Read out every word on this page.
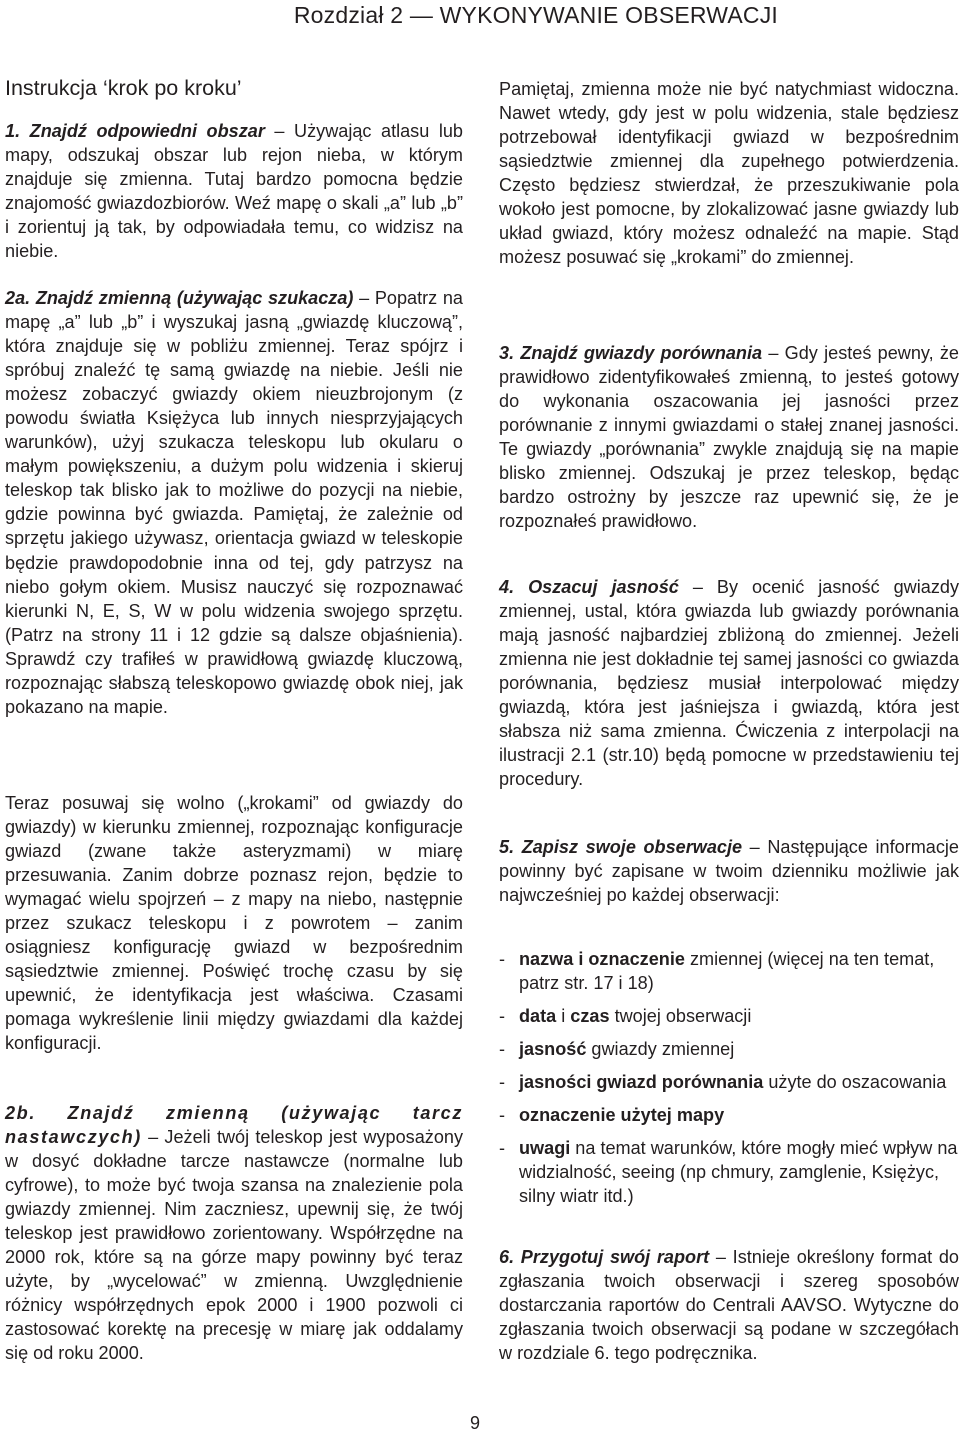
Rozdział 2 — WYKONYWANIE OBSERWACJI
Instrukcja ‘krok po kroku’

1. Znajdź odpowiedni obszar – Używając atlasu lub mapy, odszukaj obszar lub rejon nieba, w którym znajduje się zmienna. Tutaj bardzo pomocna będzie znajomość gwiazdozbiorów. Weź mapę o skali „a” lub „b” i zorientuj ją tak, by odpowiadała temu, co widzisz na niebie.

2a. Znajdź zmienną (używając szukacza) – Popatrz na mapę „a” lub „b” i wyszukaj jasną „gwiazdę kluczową”, która znajduje się w pobliżu zmiennej. Teraz spójrz i spróbuj znaleźć tę samą gwiazdę na niebie. Jeśli nie możesz zobaczyć gwiazdy okiem nieuzbrojonym (z powodu światła Księżyca lub innych niesprzyjających warunków), użyj szukacza teleskopu lub okularu o małym powiększeniu, a dużym polu widzenia i skieruj teleskop tak blisko jak to możliwe do pozycji na niebie, gdzie powinna być gwiazda. Pamiętaj, że zależnie od sprzętu jakiego używasz, orientacja gwiazd w teleskopie będzie prawdopodobnie inna od tej, gdy patrzysz na niebo gołym okiem. Musisz nauczyć się rozpoznawać kierunki N, E, S, W w polu widzenia swojego sprzętu. (Patrz na strony 11 i 12 gdzie są dalsze objaśnienia). Sprawdź czy trafiłeś w prawidłową gwiazdę kluczową, rozpoznając słabszą teleskopowo gwiazdę obok niej, jak pokazano na mapie.

Teraz posuwaj się wolno („krokami” od gwiazdy do gwiazdy) w kierunku zmiennej, rozpoznając konfiguracje gwiazd (zwane także asteryzmami) w miarę przesuwania. Zanim dobrze poznasz rejon, będzie to wymagać wielu spojrzeń – z mapy na niebo, następnie przez szukacz teleskopu i z powrotem – zanim osiągniesz konfigurację gwiazd w bezpośrednim sąsiedztwie zmiennej. Poświęć trochę czasu by się upewnić, że identyfikacja jest właściwa. Czasami pomaga wykreślenie linii między gwiazdami dla każdej konfiguracji.

2b. Znajdź zmienną (używając tarcz nastawczych) – Jeżeli twój teleskop jest wyposażony w dosyć dokładne tarcze nastawcze (normalne lub cyfrowe), to może być twoja szansa na znalezienie pola gwiazdy zmiennej. Nim zaczniesz, upewnij się, że twój teleskop jest prawidłowo zorientowany. Współrzędne na 2000 rok, które są na górze mapy powinny być teraz użyte, by „wycelować” w zmienną. Uwzględnienie różnicy współrzędnych epok 2000 i 1900 pozwoli ci zastosować korektę na precesję w miarę jak oddalamy się od roku 2000.

Pamiętaj, zmienna może nie być natychmiast widoczna. Nawet wtedy, gdy jest w polu widzenia, stale będziesz potrzebował identyfikacji gwiazd w bezpośrednim sąsiedztwie zmiennej dla zupełnego potwierdzenia. Często będziesz stwierdzał, że przeszukiwanie pola wokoło jest pomocne, by zlokalizować jasne gwiazdy lub układ gwiazd, który możesz odnaleźć na mapie. Stąd możesz posuwać się „krokami” do zmiennej.

3. Znajdź gwiazdy porównania – Gdy jesteś pewny, że prawidłowo zidentyfikowałeś zmienną, to jesteś gotowy do wykonania oszacowania jej jasności przez porównanie z innymi gwiazdami o stałej znanej jasności. Te gwiazdy „porównania” zwykle znajdują się na mapie blisko zmiennej. Odszukaj je przez teleskop, będąc bardzo ostrożny by jeszcze raz upewnić się, że je rozpoznałeś prawidłowo.

4. Oszacuj jasność – By ocenić jasność gwiazdy zmiennej, ustal, która gwiazda lub gwiazdy porównania mają jasność najbardziej zbliżoną do zmiennej. Jeżeli zmienna nie jest dokładnie tej samej jasności co gwiazda porównania, będziesz musiał interpolować między gwiazdą, która jest jaśniejsza i gwiazdą, która jest słabsza niż sama zmienna. Ćwiczenia z interpolacji na ilustracji 2.1 (str.10) będą pomocne w przedstawieniu tej procedury.

5. Zapisz swoje obserwacje – Następujące informacje powinny być zapisane w twoim dzienniku możliwie jak najwcześniej po każdej obserwacji:

- nazwa i oznaczenie zmiennej (więcej na ten temat, patrz str. 17 i 18)
- data i czas twojej obserwacji
- jasność gwiazdy zmiennej
- jasności gwiazd porównania użyte do oszacowania
- oznaczenie użytej mapy
- uwagi na temat warunków, które mogły mieć wpływ na widzialność, seeing (np chmury, zamglenie, Księżyc, silny wiatr itd.)

6. Przygotuj swój raport – Istnieje określony format do zgłaszania twoich obserwacji i szereg sposobów dostarczania raportów do Centrali AAVSO. Wytyczne do zgłaszania twoich obserwacji są podane w szczegółach w rozdziale 6. tego podręcznika.

9
